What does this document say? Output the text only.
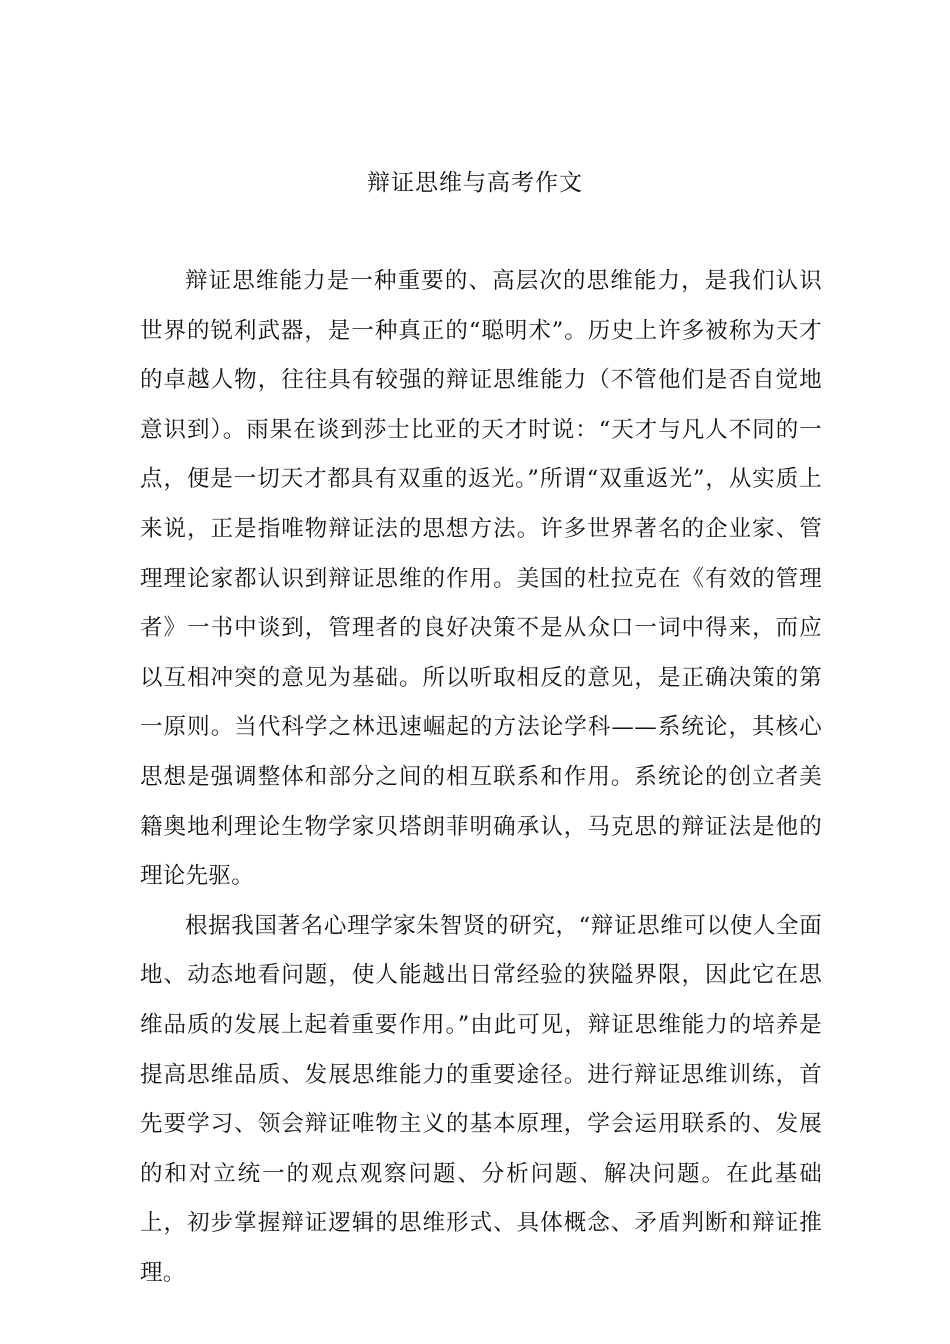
辩证思维与高考作文

辩证思维能力是一种重要的、高层次的思维能力，是我们认识世界的锐利武器，是一种真正的“聪明术”。历史上许多被称为天才的卓越人物，往往具有较强的辩证思维能力（不管他们是否自觉地意识到）。雨果在谈到莎士比亚的天才时说：“天才与凡人不同的一点，便是一切天才都具有双重的返光。”所谓“双重返光”，从实质上来说，正是指唯物辩证法的思想方法。许多世界著名的企业家、管理理论家都认识到辩证思维的作用。美国的杜拉克在《有效的管理者》一书中谈到，管理者的良好决策不是从众口一词中得来，而应以互相冲突的意见为基础。所以听取相反的意见，是正确决策的第一原则。当代科学之林迅速崛起的方法论学科——系统论，其核心思想是强调整体和部分之间的相互联系和作用。系统论的创立者美籍奥地利理论生物学家贝塔朗菲明确承认，马克思的辩证法是他的理论先驱。

根据我国著名心理学家朱智贤的研究，“辩证思维可以使人全面地、动态地看问题，使人能越出日常经验的狭隘界限，因此它在思维品质的发展上起着重要作用。”由此可见，辩证思维能力的培养是提高思维品质、发展思维能力的重要途径。进行辩证思维训练，首先要学习、领会辩证唯物主义的基本原理，学会运用联系的、发展的和对立统一的观点观察问题、分析问题、解决问题。在此基础上，初步掌握辩证逻辑的思维形式、具体概念、矛盾判断和辩证推理。
